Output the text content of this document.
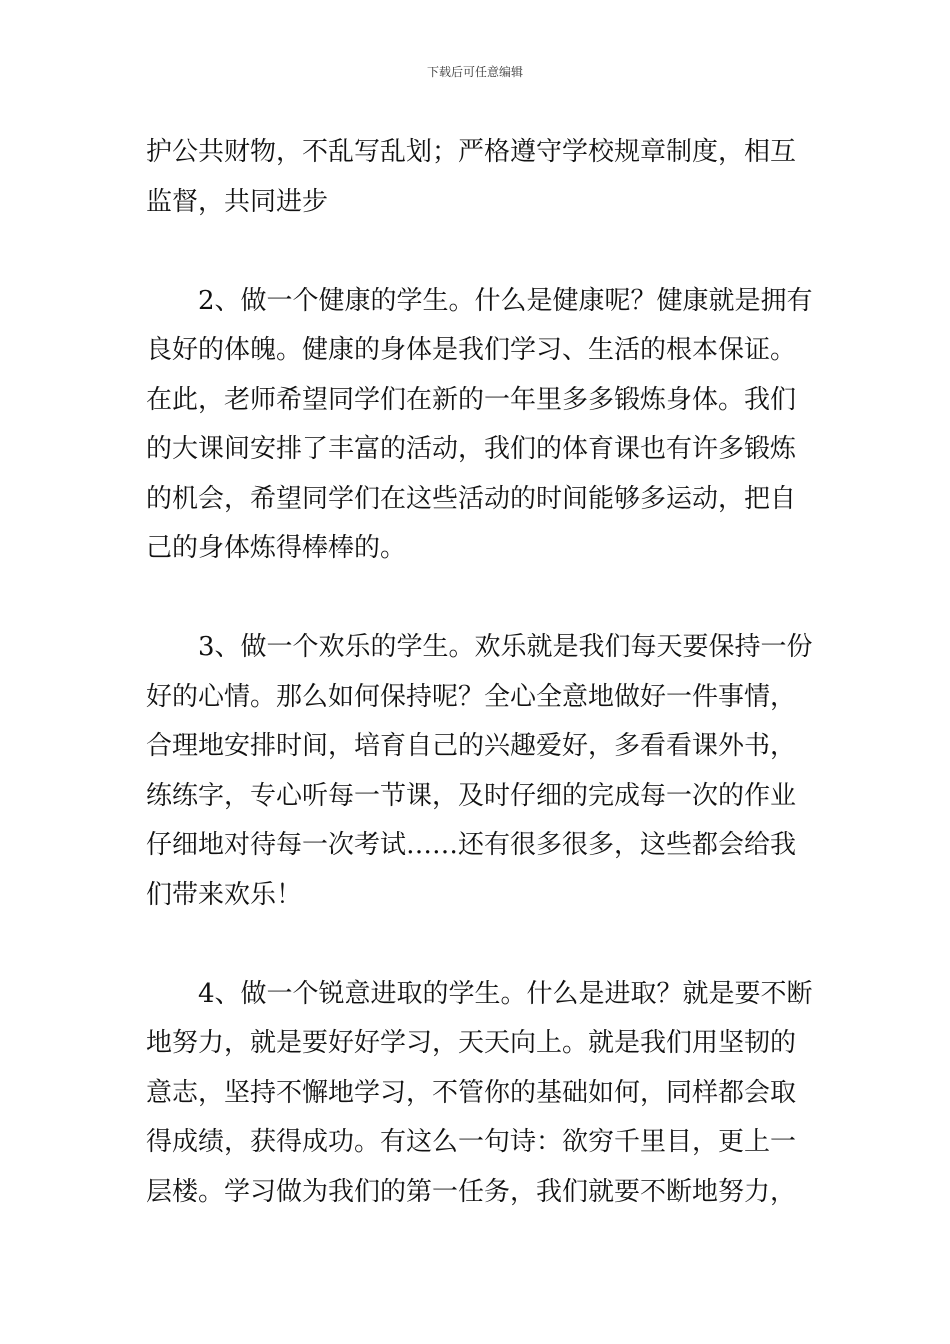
下载后可任意编辑

护公共财物，不乱写乱划；严格遵守学校规章制度，相互
监督，共同进步

2、做一个健康的学生。什么是健康呢？健康就是拥有
良好的体魄。健康的身体是我们学习、生活的根本保证。
在此，老师希望同学们在新的一年里多多锻炼身体。我们
的大课间安排了丰富的活动，我们的体育课也有许多锻炼
的机会，希望同学们在这些活动的时间能够多运动，把自
己的身体炼得棒棒的。

3、做一个欢乐的学生。欢乐就是我们每天要保持一份
好的心情。那么如何保持呢？全心全意地做好一件事情，
合理地安排时间，培育自己的兴趣爱好，多看看课外书，
练练字，专心听每一节课，及时仔细的完成每一次的作业
仔细地对待每一次考试……还有很多很多，这些都会给我
们带来欢乐！

4、做一个锐意进取的学生。什么是进取？就是要不断
地努力，就是要好好学习，天天向上。就是我们用坚韧的
意志，坚持不懈地学习，不管你的基础如何，同样都会取
得成绩，获得成功。有这么一句诗：欲穷千里目，更上一
层楼。学习做为我们的第一任务，我们就要不断地努力，
